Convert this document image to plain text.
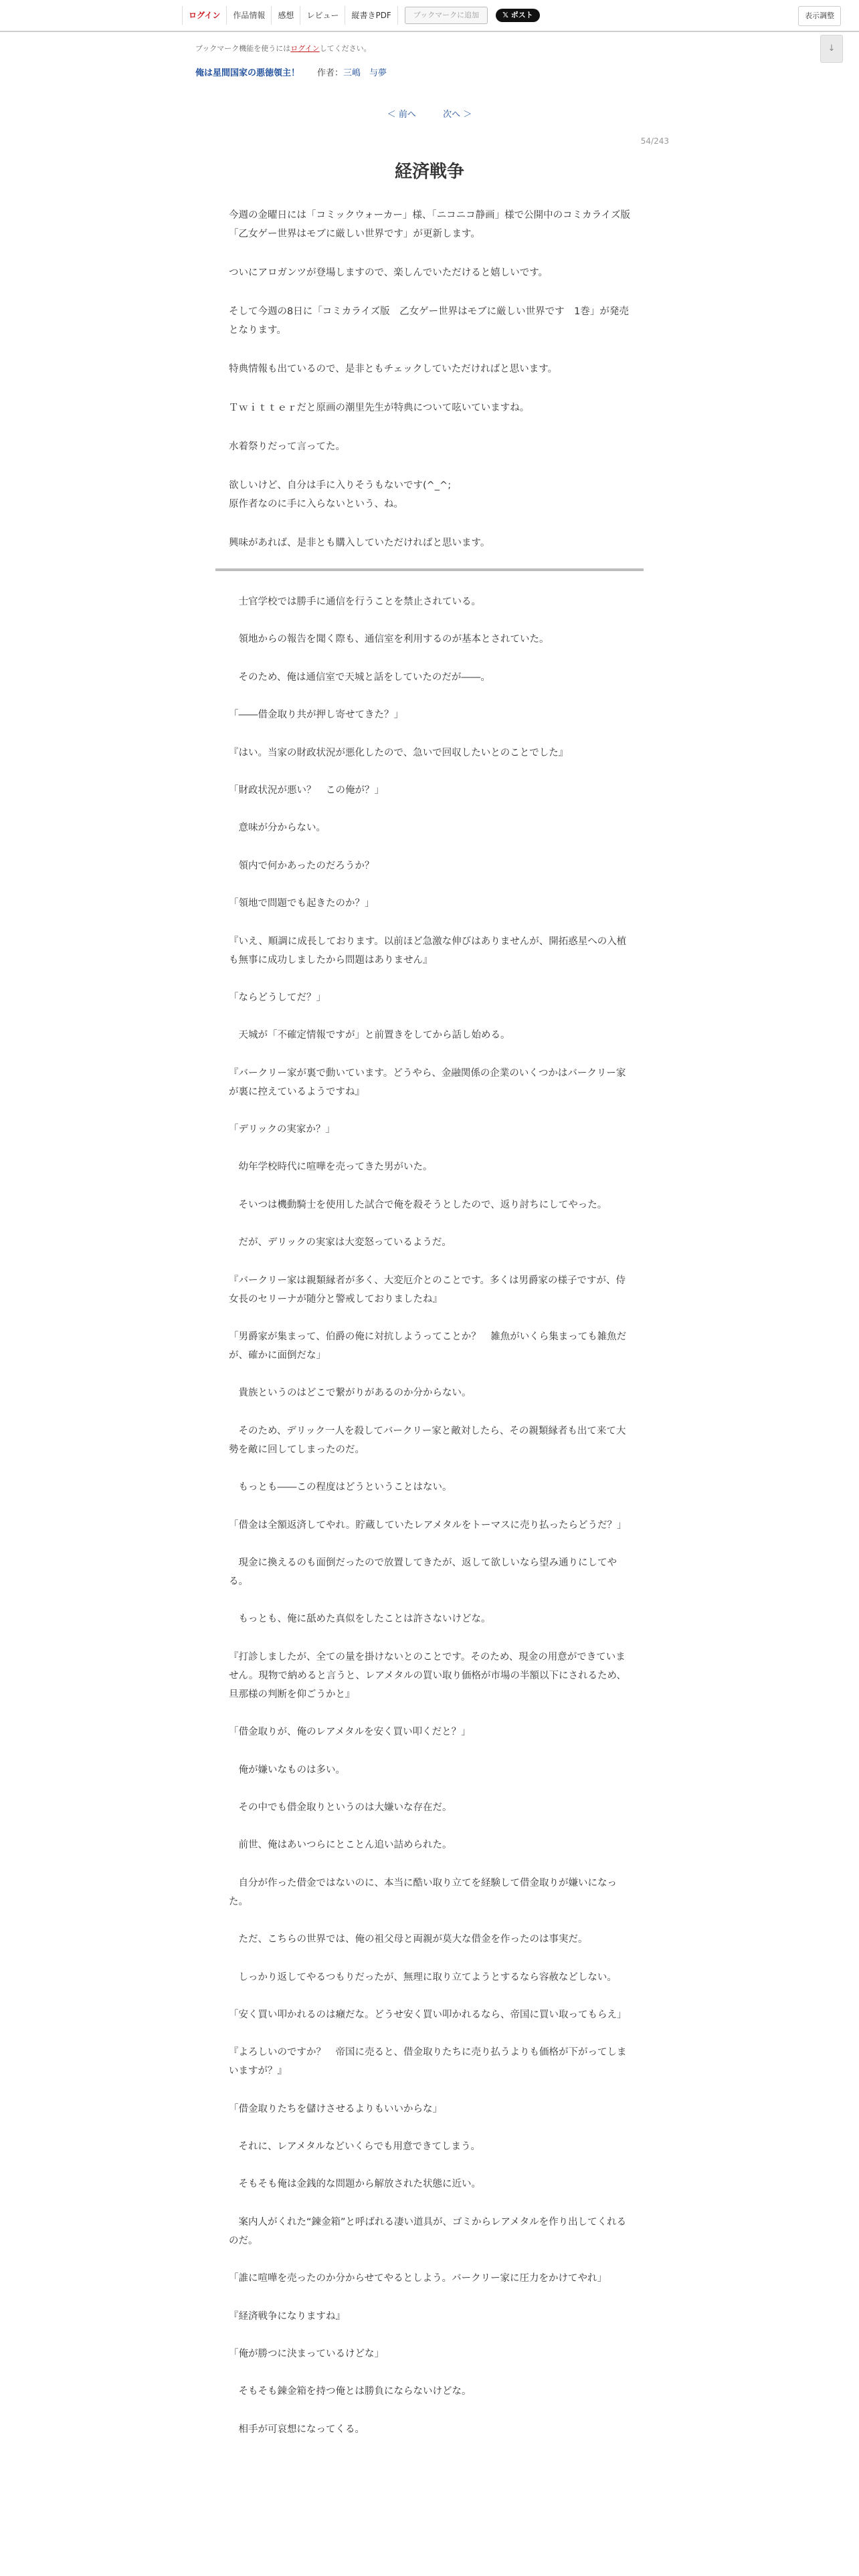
ログイン	作品情報	感想	レビュー	縦書きPDF	ブックマークに追加	𝕏 ポスト	表示調整
↓
ブックマーク機能を使うにはログインしてください。
俺は星間国家の悪徳領主！ 作者： 三嶋　与夢
＜ 前へ	次へ ＞
54/243
経済戦争

今週の金曜日には「コミックウォーカー」様、「ニコニコ静画」様で公開中のコミカライズ版「乙女ゲー世界はモブに厳しい世界です」が更新します。

ついにアロガンツが登場しますので、楽しんでいただけると嬉しいです。

そして今週の8日に「コミカライズ版　乙女ゲー世界はモブに厳しい世界です　1巻」が発売となります。

特典情報も出ているので、是非ともチェックしていただければと思います。

Ｔｗｉｔｔｅｒだと原画の潮里先生が特典について呟いていますね。

水着祭りだって言ってた。

欲しいけど、自分は手に入りそうもないです(^_^;
原作者なのに手に入らないという、ね。

興味があれば、是非とも購入していただければと思います。

　士官学校では勝手に通信を行うことを禁止されている。

　領地からの報告を聞く際も、通信室を利用するのが基本とされていた。

　そのため、俺は通信室で天城と話をしていたのだが――。

「――借金取り共が押し寄せてきた？」

『はい。当家の財政状況が悪化したので、急いで回収したいとのことでした』

「財政状況が悪い？　この俺が？」

　意味が分からない。

　領内で何かあったのだろうか？

「領地で問題でも起きたのか？」

『いえ、順調に成長しております。以前ほど急激な伸びはありませんが、開拓惑星への入植も無事に成功しましたから問題はありません』

「ならどうしてだ？」

　天城が「不確定情報ですが」と前置きをしてから話し始める。

『バークリー家が裏で動いています。どうやら、金融関係の企業のいくつかはバークリー家が裏に控えているようですね』

「デリックの実家か？」

　幼年学校時代に喧嘩を売ってきた男がいた。

　そいつは機動騎士を使用した試合で俺を殺そうとしたので、返り討ちにしてやった。

　だが、デリックの実家は大変怒っているようだ。

『バークリー家は親類縁者が多く、大変厄介とのことです。多くは男爵家の様子ですが、侍女長のセリーナが随分と警戒しておりましたね』

「男爵家が集まって、伯爵の俺に対抗しようってことか？　雑魚がいくら集まっても雑魚だが、確かに面倒だな」

　貴族というのはどこで繋がりがあるのか分からない。

　そのため、デリック一人を殺してバークリー家と敵対したら、その親類縁者も出て来て大勢を敵に回してしまったのだ。

　もっとも――この程度はどうということはない。

「借金は全額返済してやれ。貯蔵していたレアメタルをトーマスに売り払ったらどうだ？」

　現金に換えるのも面倒だったので放置してきたが、返して欲しいなら望み通りにしてやる。

　もっとも、俺に舐めた真似をしたことは許さないけどな。

『打診しましたが、全ての量を掛けないとのことです。そのため、現金の用意ができていません。現物で納めると言うと、レアメタルの買い取り価格が市場の半額以下にされるため、旦那様の判断を仰ごうかと』

「借金取りが、俺のレアメタルを安く買い叩くだと？」

　俺が嫌いなものは多い。

　その中でも借金取りというのは大嫌いな存在だ。

　前世、俺はあいつらにとことん追い詰められた。

　自分が作った借金ではないのに、本当に酷い取り立てを経験して借金取りが嫌いになった。

　ただ、こちらの世界では、俺の祖父母と両親が莫大な借金を作ったのは事実だ。

　しっかり返してやるつもりだったが、無理に取り立てようとするなら容赦などしない。

「安く買い叩かれるのは癪だな。どうせ安く買い叩かれるなら、帝国に買い取ってもらえ」

『よろしいのですか？　帝国に売ると、借金取りたちに売り払うよりも価格が下がってしまいますが？』

「借金取りたちを儲けさせるよりもいいからな」

　それに、レアメタルなどいくらでも用意できてしまう。

　そもそも俺は金銭的な問題から解放された状態に近い。

　案内人がくれた“錬金箱”と呼ばれる凄い道具が、ゴミからレアメタルを作り出してくれるのだ。

「誰に喧嘩を売ったのか分からせてやるとしよう。バークリー家に圧力をかけてやれ」

『経済戦争になりますね』

「俺が勝つに決まっているけどな」

　そもそも錬金箱を持つ俺とは勝負にならないけどな。

　相手が可哀想になってくる。
